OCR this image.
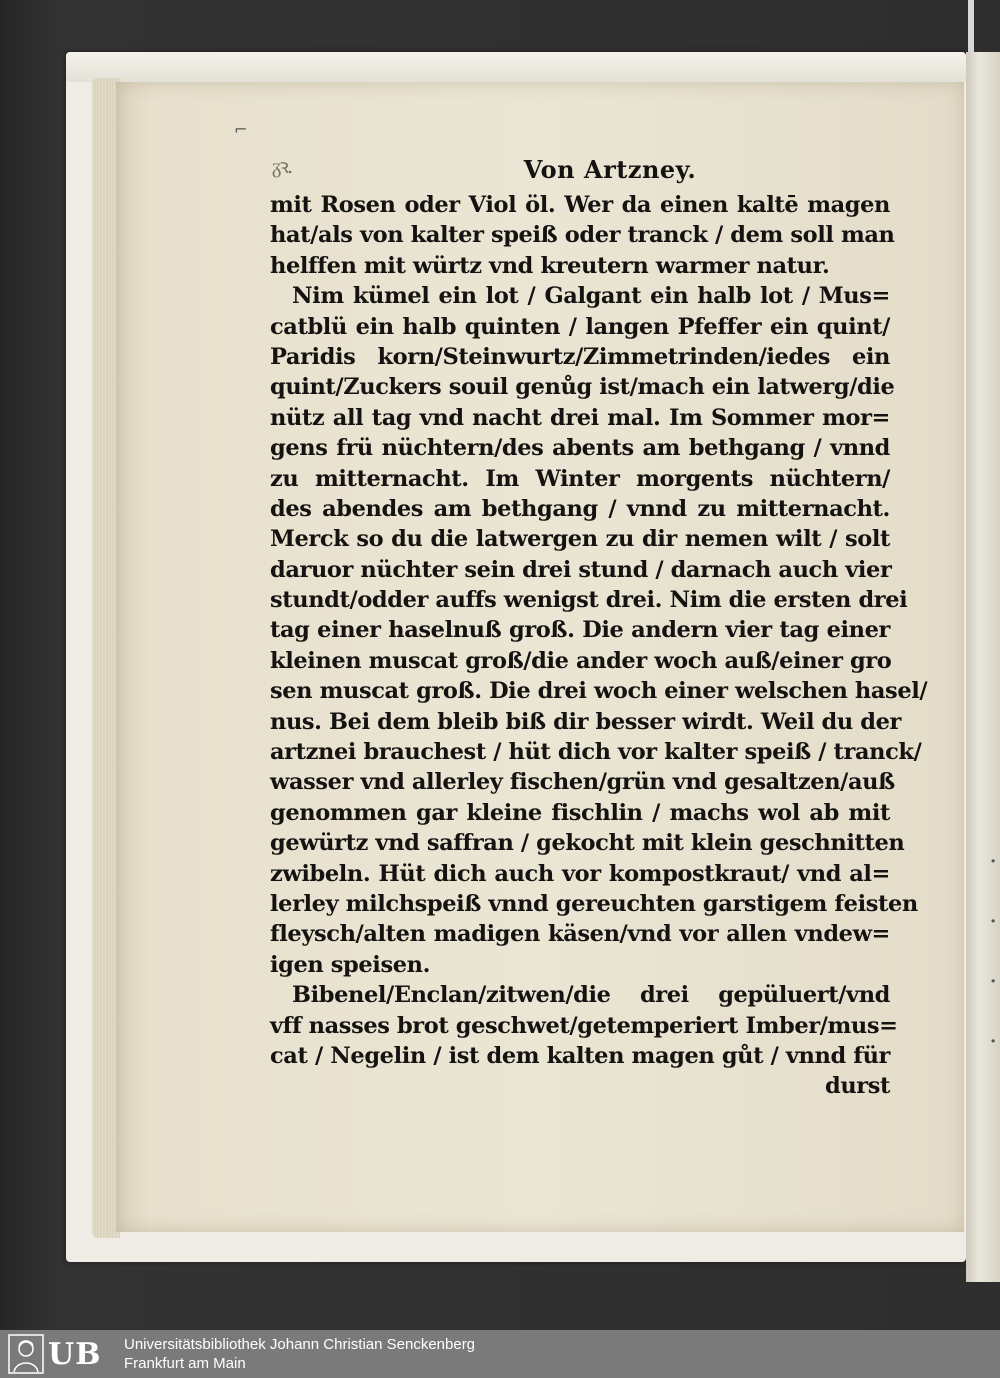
·
·
·
·
⌐
Von Artzney.
mit Rosen oder Viol öl. Wer da einen kaltē magen
hat/als von kalter speiß oder tranck / dem soll man
helffen mit würtz vnd kreutern warmer natur.
Nim kümel ein lot / Galgant ein halb lot / Mus=
catblü ein halb quinten / langen Pfeffer ein quint/
Paridis korn/Steinwurtz/Zimmetrinden/iedes ein
quint/Zuckers souil genůg ist/mach ein latwerg/die
nütz all tag vnd nacht drei mal. Im Sommer mor=
gens frü nüchtern/des abents am bethgang / vnnd
zu mitternacht. Im Winter morgents nüchtern/
des abendes am bethgang / vnnd zu mitternacht.
Merck so du die latwergen zu dir nemen wilt / solt
daruor nüchter sein drei stund / darnach auch vier
stundt/odder auffs wenigst drei. Nim die ersten drei
tag einer haselnuß groß. Die andern vier tag einer
kleinen muscat groß/die ander woch auß/einer gro
sen muscat groß. Die drei woch einer welschen hasel/
nus. Bei dem bleib biß dir besser wirdt. Weil du der
artznei brauchest / hüt dich vor kalter speiß / tranck/
wasser vnd allerley fischen/grün vnd gesaltzen/auß
genommen gar kleine fischlin / machs wol ab mit
gewürtz vnd saffran / gekocht mit klein geschnitten
zwibeln. Hüt dich auch vor kompostkraut/ vnd al=
lerley milchspeiß vnnd gereuchten garstigem feisten
fleysch/alten madigen käsen/vnd vor allen vndew=
igen speisen.
Bibenel/Enclan/zitwen/die drei gepüluert/vnd
vff nasses brot geschwet/getemperiert Imber/mus=
cat / Negelin / ist dem kalten magen gůt / vnnd für
durst
ᵹꝛ.
UB Universitätsbibliothek Johann Christian Senckenberg
Frankfurt am Main
